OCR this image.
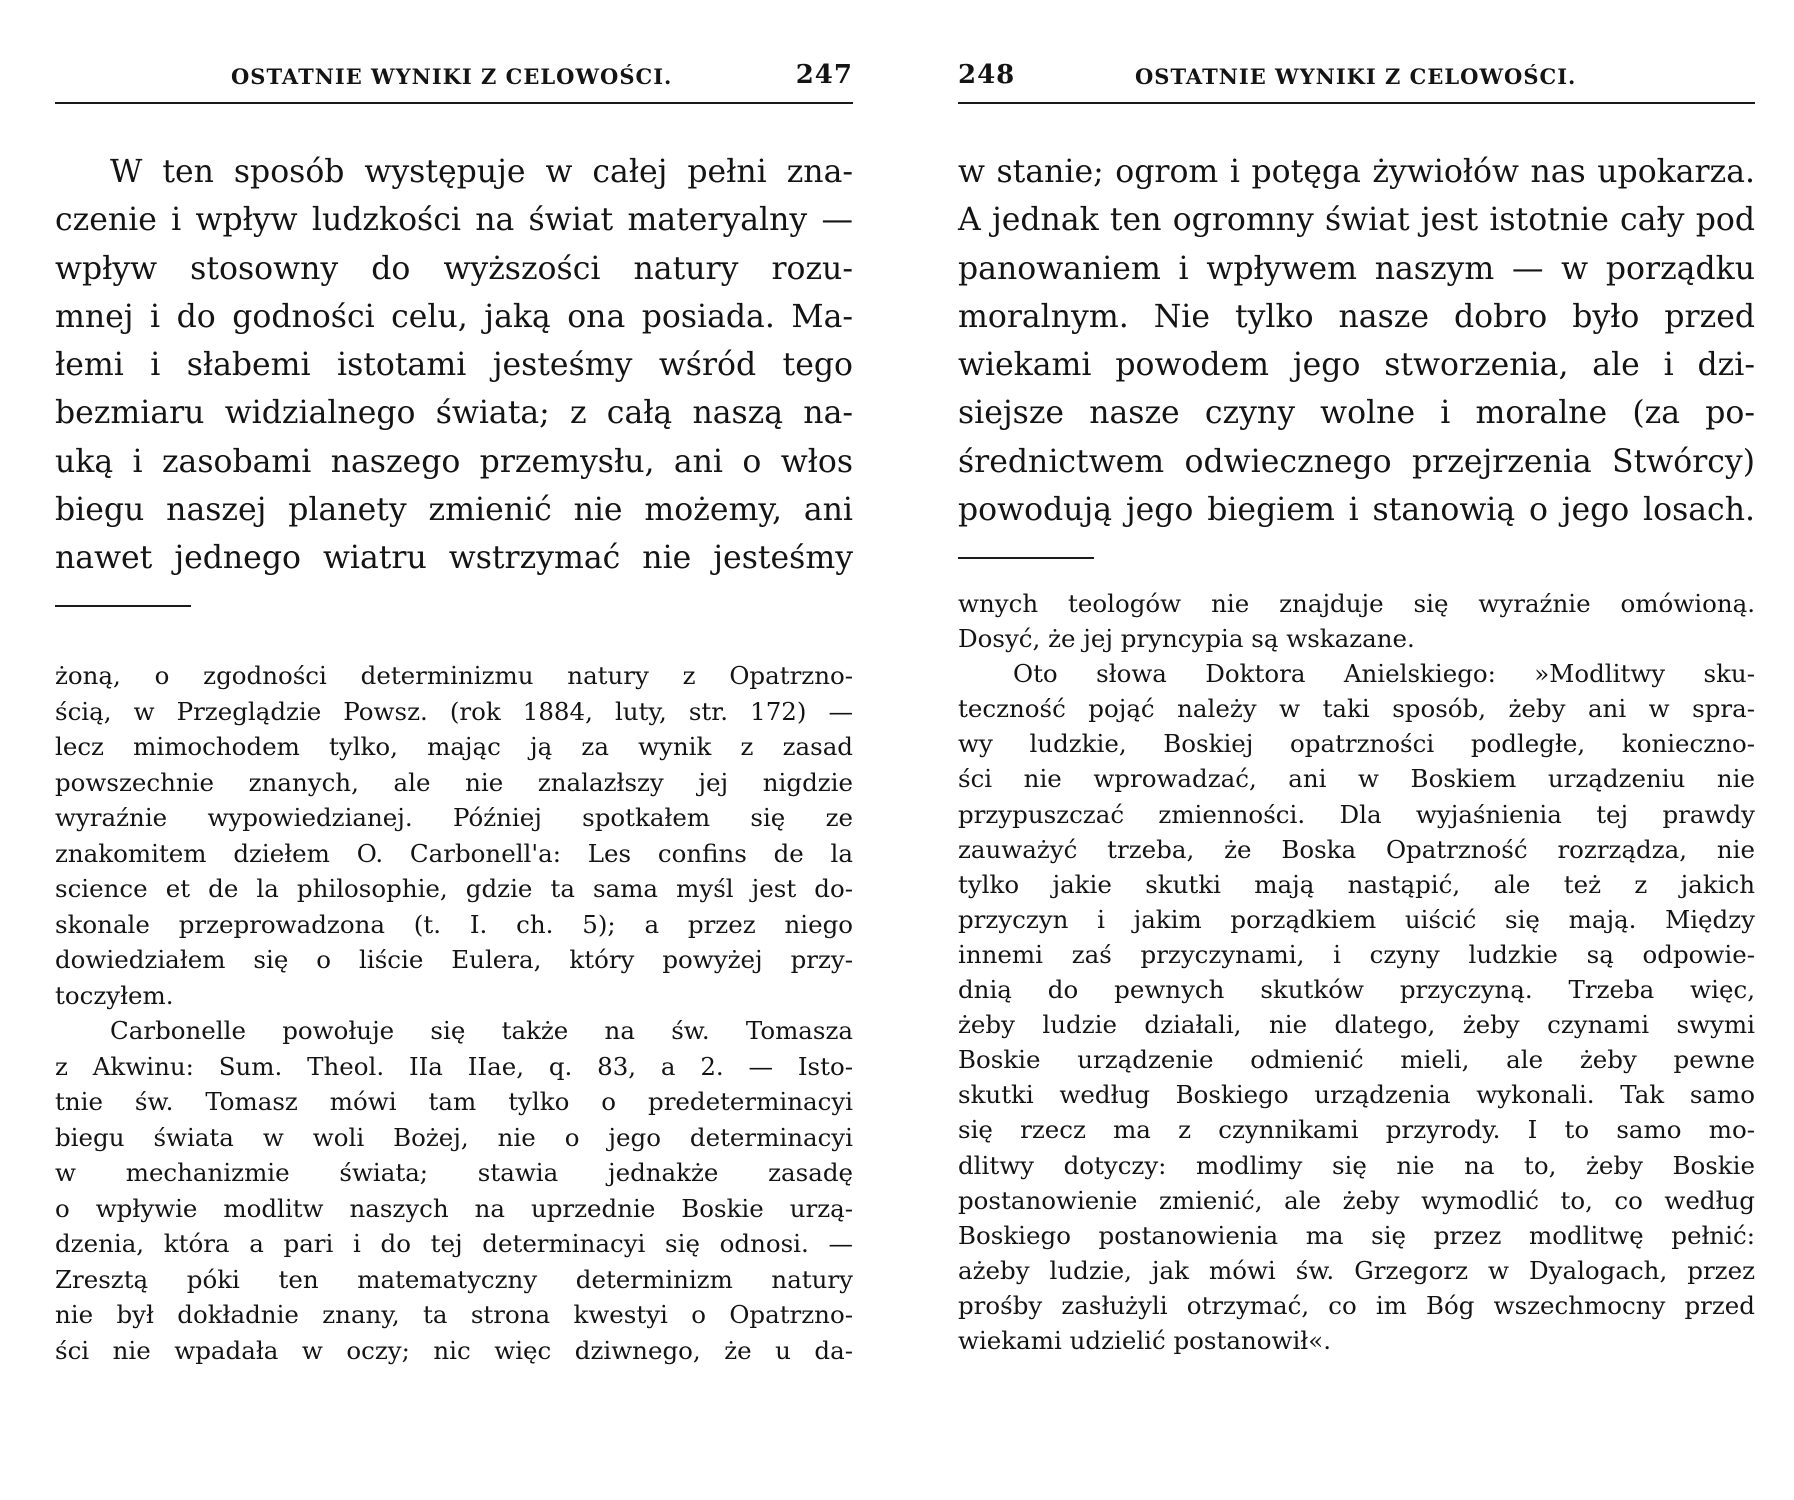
OSTATNIE WYNIKI Z CELOWOŚCI.	247
W ten sposób występuje w całej pełni zna-
czenie i wpływ ludzkości na świat materyalny —
wpływ stosowny do wyższości natury rozu-
mnej i do godności celu, jaką ona posiada. Ma-
łemi i słabemi istotami jesteśmy wśród tego
bezmiaru widzialnego świata; z całą naszą na-
uką i zasobami naszego przemysłu, ani o włos
biegu naszej planety zmienić nie możemy, ani
nawet jednego wiatru wstrzymać nie jesteśmy
żoną, o zgodności determinizmu natury z Opatrzno-
ścią, w Przeglądzie Powsz. (rok 1884, luty, str. 172) —
lecz mimochodem tylko, mając ją za wynik z zasad
powszechnie znanych, ale nie znalazłszy jej nigdzie
wyraźnie wypowiedzianej. Później spotkałem się ze
znakomitem dziełem O. Carbonell'a: Les confins de la
science et de la philosophie, gdzie ta sama myśl jest do-
skonale przeprowadzona (t. I. ch. 5); a przez niego
dowiedziałem się o liście Eulera, który powyżej przy-
toczyłem.
Carbonelle powołuje się także na św. Tomasza
z Akwinu: Sum. Theol. IIa IIae, q. 83, a 2. — Isto-
tnie św. Tomasz mówi tam tylko o predeterminacyi
biegu świata w woli Bożej, nie o jego determinacyi
w mechanizmie świata; stawia jednakże zasadę
o wpływie modlitw naszych na uprzednie Boskie urzą-
dzenia, która a pari i do tej determinacyi się odnosi. —
Zresztą póki ten matematyczny determinizm natury
nie był dokładnie znany, ta strona kwestyi o Opatrzno-
ści nie wpadała w oczy; nic więc dziwnego, że u da-
248	OSTATNIE WYNIKI Z CELOWOŚCI.
w stanie; ogrom i potęga żywiołów nas upokarza.
A jednak ten ogromny świat jest istotnie cały pod
panowaniem i wpływem naszym — w porządku
moralnym. Nie tylko nasze dobro było przed
wiekami powodem jego stworzenia, ale i dzi-
siejsze nasze czyny wolne i moralne (za po-
średnictwem odwiecznego przejrzenia Stwórcy)
powodują jego biegiem i stanowią o jego losach.
wnych teologów nie znajduje się wyraźnie omówioną.
Dosyć, że jej pryncypia są wskazane.
Oto słowa Doktora Anielskiego: »Modlitwy sku-
teczność pojąć należy w taki sposób, żeby ani w spra-
wy ludzkie, Boskiej opatrzności podległe, konieczno-
ści nie wprowadzać, ani w Boskiem urządzeniu nie
przypuszczać zmienności. Dla wyjaśnienia tej prawdy
zauważyć trzeba, że Boska Opatrzność rozrządza, nie
tylko jakie skutki mają nastąpić, ale też z jakich
przyczyn i jakim porządkiem uiścić się mają. Między
innemi zaś przyczynami, i czyny ludzkie są odpowie-
dnią do pewnych skutków przyczyną. Trzeba więc,
żeby ludzie działali, nie dlatego, żeby czynami swymi
Boskie urządzenie odmienić mieli, ale żeby pewne
skutki według Boskiego urządzenia wykonali. Tak samo
się rzecz ma z czynnikami przyrody. I to samo mo-
dlitwy dotyczy: modlimy się nie na to, żeby Boskie
postanowienie zmienić, ale żeby wymodlić to, co według
Boskiego postanowienia ma się przez modlitwę pełnić:
ażeby ludzie, jak mówi św. Grzegorz w Dyalogach, przez
prośby zasłużyli otrzymać, co im Bóg wszechmocny przed
wiekami udzielić postanowił«.
